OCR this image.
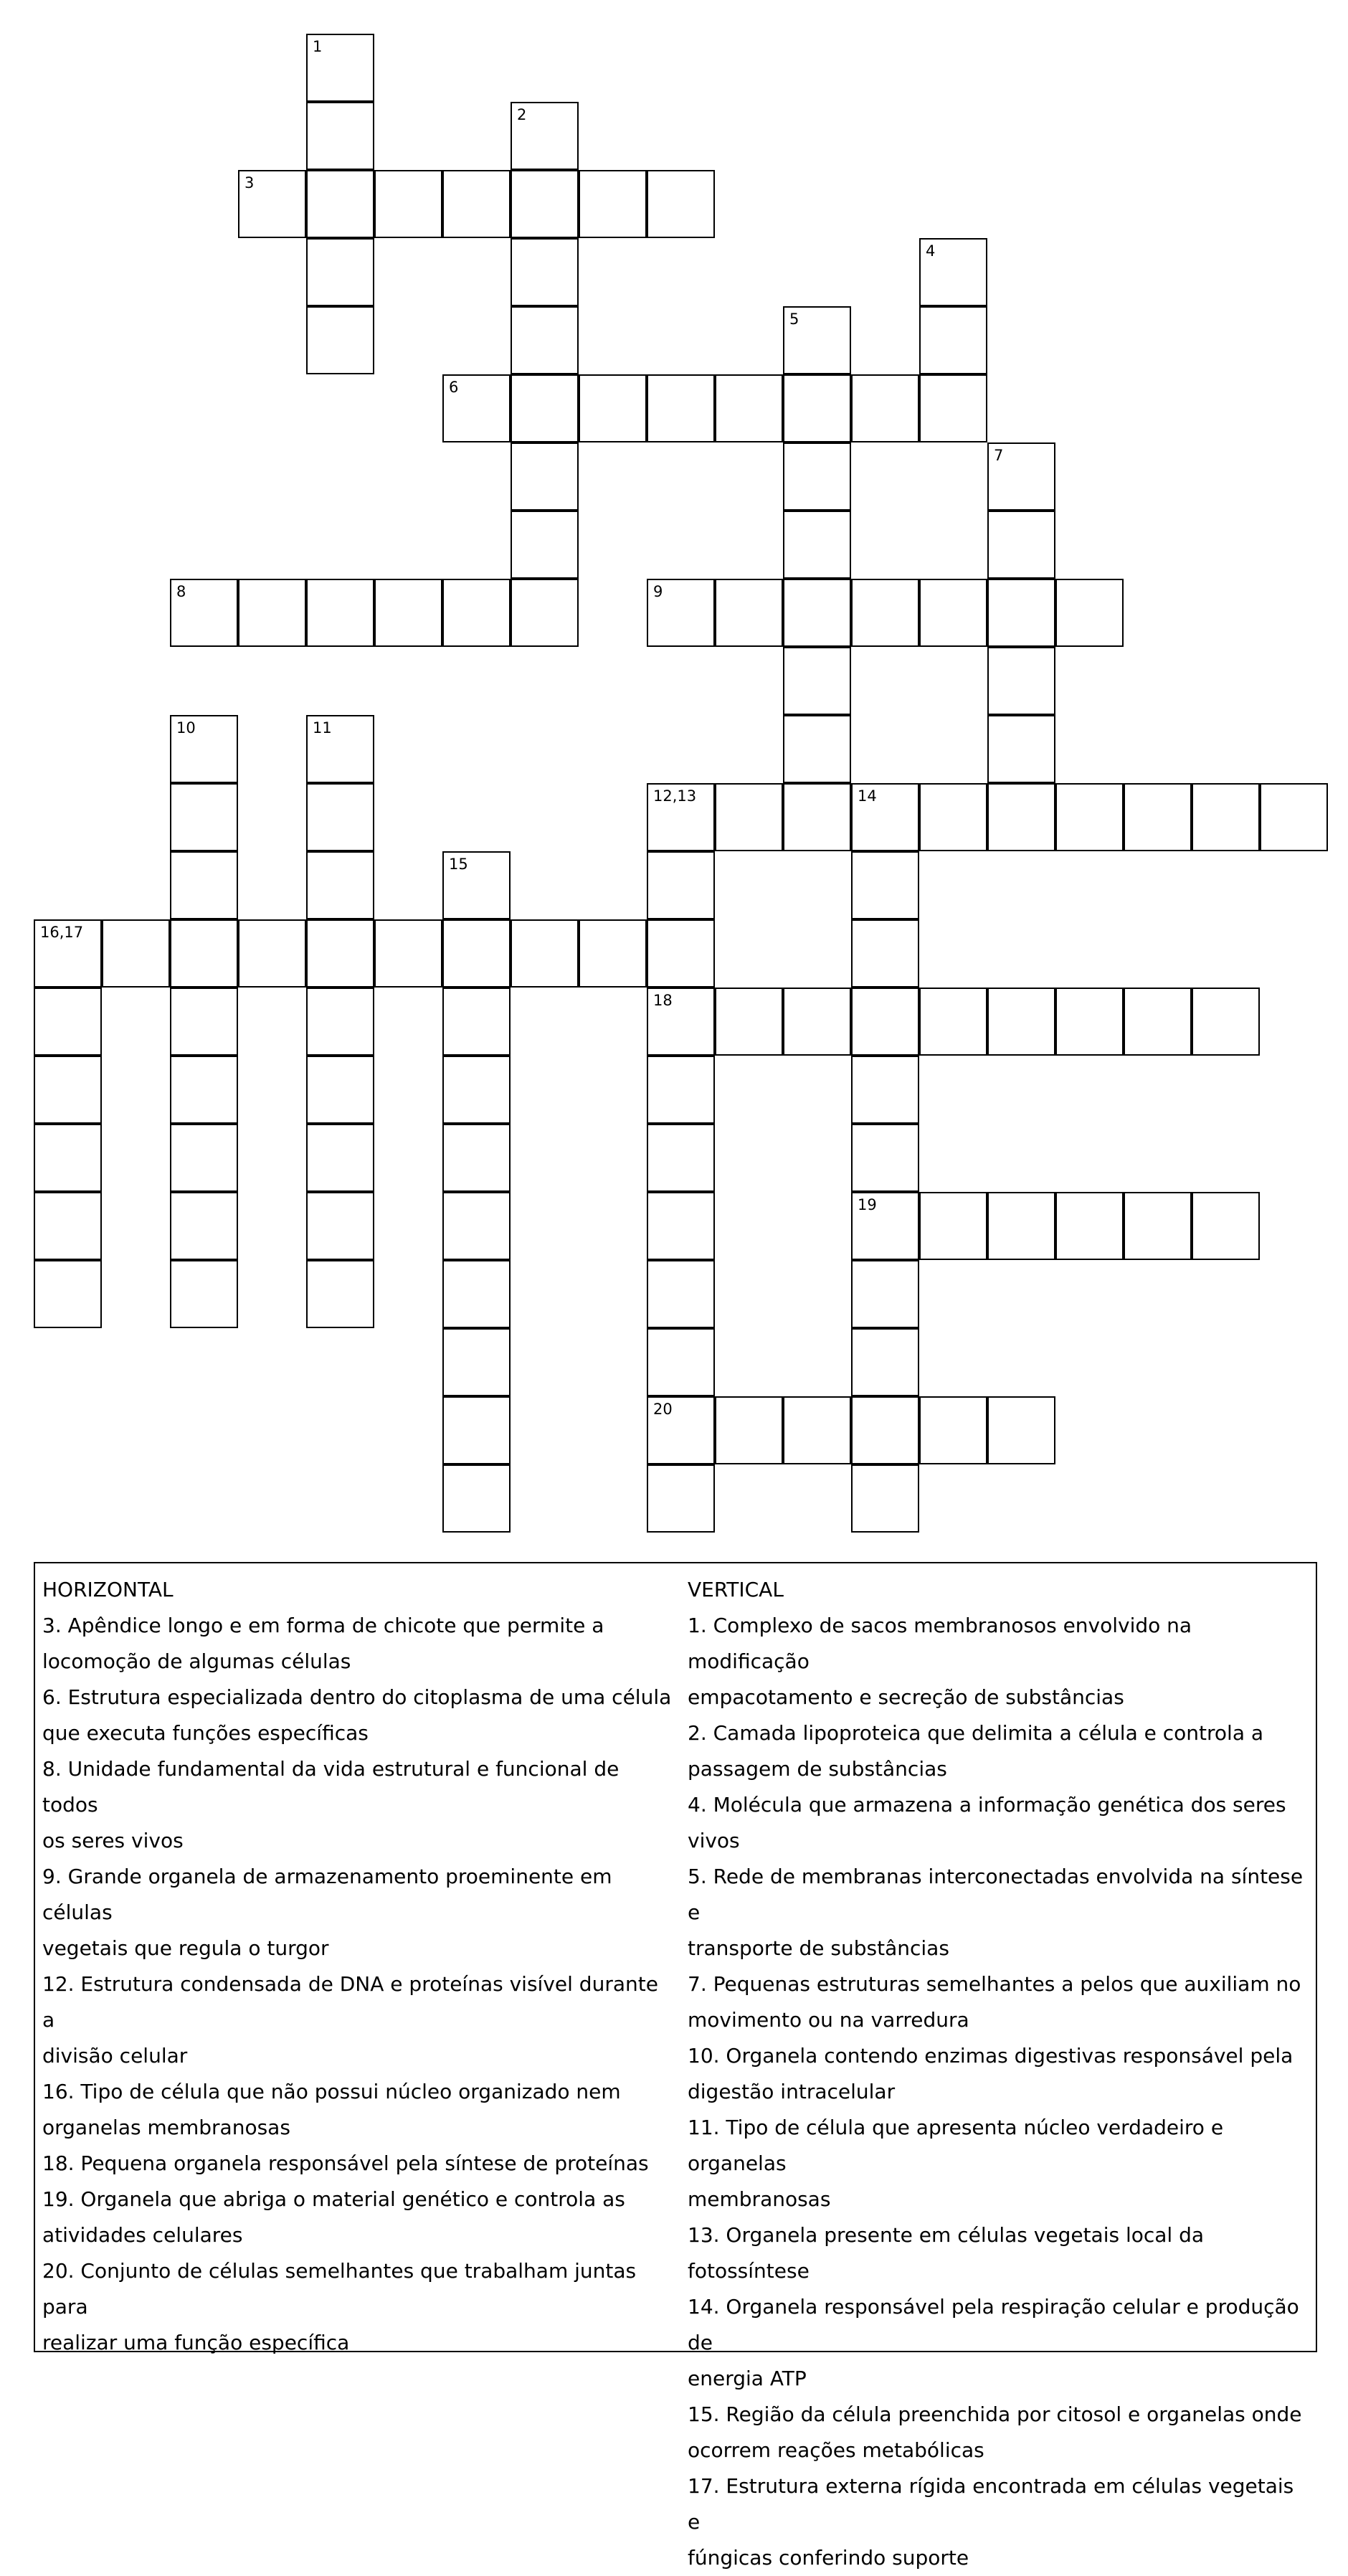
1
2
3
4
5
6
7
8	9
10	11
12,13
18
20
14
19
15
16,17
HORIZONTAL
3. Apêndice longo e em forma de chicote que permite a
locomoção de algumas células
6. Estrutura especializada dentro do citoplasma de uma célula
que executa funções específicas
8. Unidade fundamental da vida estrutural e funcional de todos
os seres vivos
9. Grande organela de armazenamento proeminente em células
vegetais que regula o turgor
12. Estrutura condensada de DNA e proteínas visível durante a
divisão celular
16. Tipo de célula que não possui núcleo organizado nem
organelas membranosas
18. Pequena organela responsável pela síntese de proteínas
19. Organela que abriga o material genético e controla as
atividades celulares
20. Conjunto de células semelhantes que trabalham juntas para
realizar uma função específica
VERTICAL
1. Complexo de sacos membranosos envolvido na modificação
empacotamento e secreção de substâncias
2. Camada lipoproteica que delimita a célula e controla a
passagem de substâncias
4. Molécula que armazena a informação genética dos seres vivos
5. Rede de membranas interconectadas envolvida na síntese e
transporte de substâncias
7. Pequenas estruturas semelhantes a pelos que auxiliam no
movimento ou na varredura
10. Organela contendo enzimas digestivas responsável pela
digestão intracelular
11. Tipo de célula que apresenta núcleo verdadeiro e organelas
membranosas
13. Organela presente em células vegetais local da fotossíntese
14. Organela responsável pela respiração celular e produção de
energia ATP
15. Região da célula preenchida por citosol e organelas onde
ocorrem reações metabólicas
17. Estrutura externa rígida encontrada em células vegetais e
fúngicas conferindo suporte
